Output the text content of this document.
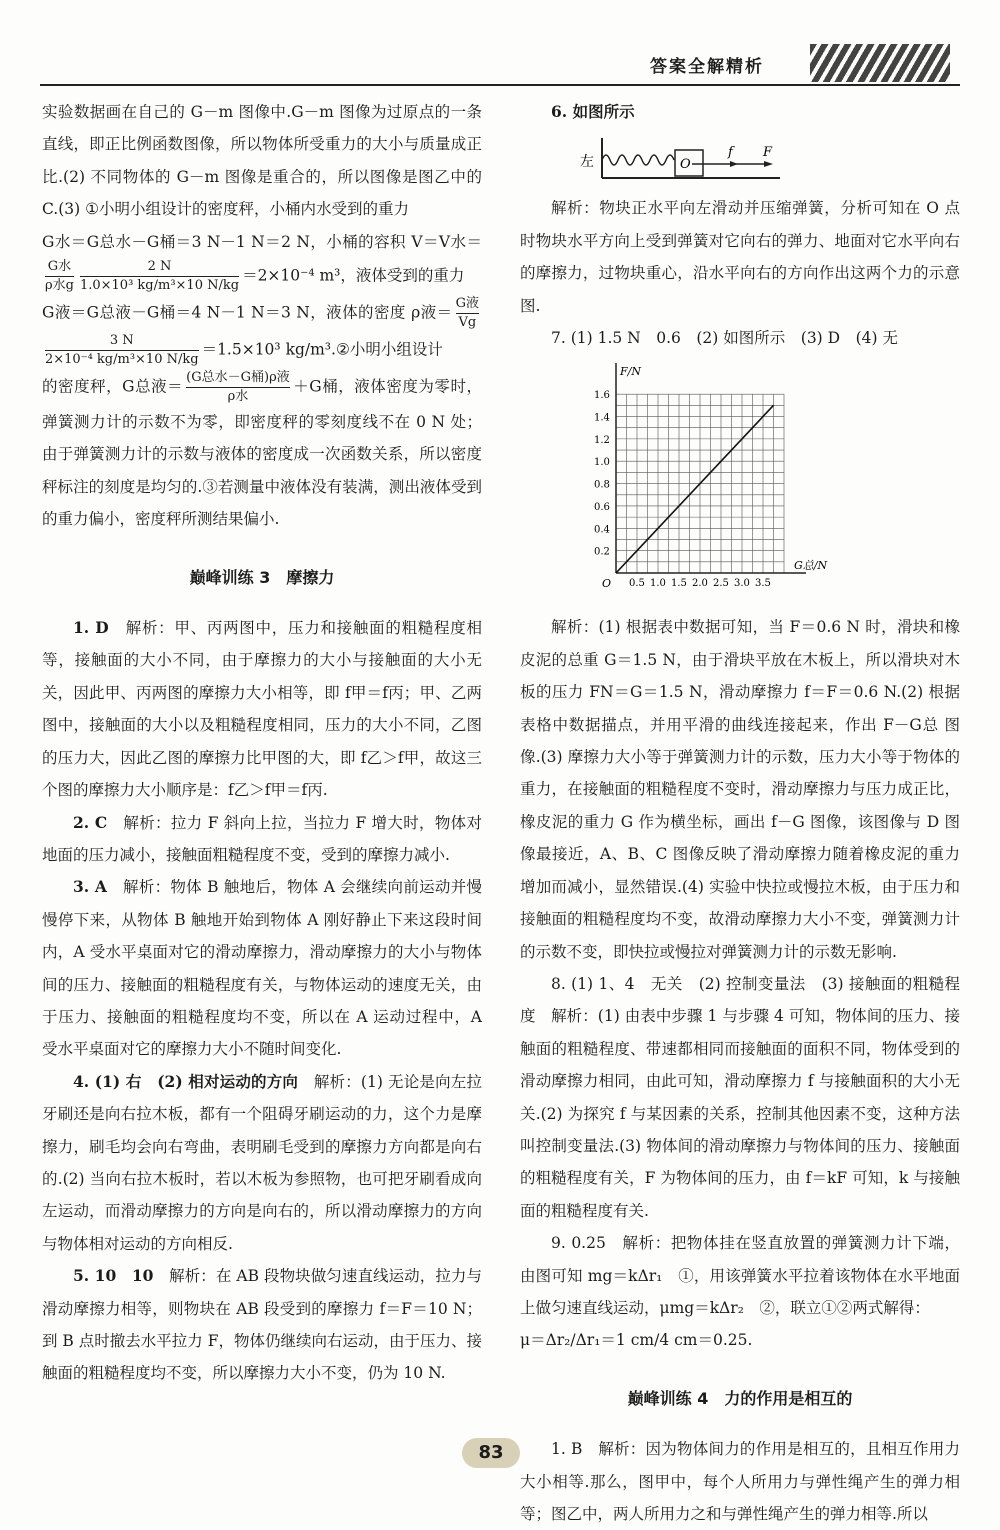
答案全解精析

实验数据画在自己的 G－m 图像中.G－m 图像为过原点的一条直线，即正比例函数图像，所以物体所受重力的大小与质量成正比.(2) 不同物体的 G－m 图像是重合的，所以图像是图乙中的 C.(3) ①小明小组设计的密度秤，小桶内水受到的重力

G水＝G总水－G桶＝3 N－1 N＝2 N，小桶的容积 V＝V水＝
$\frac{\text{G水}}{\text{ρ水g}} \frac{2 N}{\text{1.0×10³ kg/m³×10 N/kg}} =2\times 10^{-4}$ m³，液体受到的重力

G液＝G总液－G桶＝4 N－1 N＝3 N，液体的密度 ρ液＝ $\frac{\text{G液}}{Vg}$
$\frac{3 N}{\text{2×10⁻⁴ kg/m³×10 N/kg}} =1.5\times 10^3$ kg/m³.②小明小组设计

的密度秤，G总液＝ $\frac{\text{(G总水－G桶)ρ液}}{\text{ρ水}} +G$桶，液体密度为零时，弹簧测力计的示数不为零，即密度秤的零刻度线不在 0 N 处；由于弹簧测力计的示数与液体的密度成一次函数关系，所以密度秤标注的刻度是均匀的.③若测量中液体没有装满，测出液体受到的重力偏小，密度秤所测结果偏小.

巅峰训练 3　摩擦力

1. D　 解析：甲、丙两图中，压力和接触面的粗糙程度相等，接触面的大小不同，由于摩擦力的大小与接触面的大小无关，因此甲、丙两图的摩擦力大小相等，即 f甲＝f丙；甲、乙两图中，接触面的大小以及粗糙程度相同，压力的大小不同，乙图的压力大，因此乙图的摩擦力比甲图的大，即 f乙＞f甲，故这三个图的摩擦力大小顺序是：f乙＞f甲＝f丙.

2. C　 解析：拉力 F 斜向上拉，当拉力 F 增大时，物体对地面的压力减小，接触面粗糙程度不变，受到的摩擦力减小.

3. A　 解析：物体 B 触地后，物体 A 会继续向前运动并慢慢停下来，从物体 B 触地开始到物体 A 刚好静止下来这段时间内，A 受水平桌面对它的滑动摩擦力，滑动摩擦力的大小与物体间的压力、接触面的粗糙程度有关，与物体运动的速度无关，由于压力、接触面的粗糙程度均不变，所以在 A 运动过程中，A 受水平桌面对它的摩擦力大小不随时间变化.

4. (1) 右　(2) 相对运动的方向　 解析：(1) 无论是向左拉牙刷还是向右拉木板，都有一个阻碍牙刷运动的力，这个力是摩擦力，刷毛均会向右弯曲，表明刷毛受到的摩擦力方向都是向右的.(2) 当向右拉木板时，若以木板为参照物，也可把牙刷看成向左运动，而滑动摩擦力的方向是向右的，所以滑动摩擦力的方向与物体相对运动的方向相反.

5. 10　10　 解析：在 AB 段物块做匀速直线运动，拉力与滑动摩擦力相等，则物块在 AB 段受到的摩擦力 f＝F＝10 N；到 B 点时撤去水平拉力 F，物体仍继续向右运动，由于压力、接触面的粗糙程度均不变，所以摩擦力大小不变，仍为 10 N.

6. 如图所示

左	O
f F

解析：物块正水平向左滑动并压缩弹簧，分析可知在 O 点时物块水平方向上受到弹簧对它向右的弹力、地面对它水平向右的摩擦力，过物块重心，沿水平向右的方向作出这两个力的示意图.

7. (1) 1.5 N　0.6　(2) 如图所示　(3) D　(4) 无

G总/N
F/N
O 0.5 1.0 1.5 2.0 2.5 3.0 3.5
0.2
0.4
0.6
0.8
1.0
1.2
1.4
1.6

解析：(1) 根据表中数据可知，当 F＝0.6 N 时，滑块和橡皮泥的总重 G＝1.5 N，由于滑块平放在木板上，所以滑块对木板的压力 FN＝G＝1.5 N，滑动摩擦力 f＝F＝0.6 N.(2) 根据表格中数据描点，并用平滑的曲线连接起来，作出 F－G总 图像.(3) 摩擦力大小等于弹簧测力计的示数，压力大小等于物体的重力，在接触面的粗糙程度不变时，滑动摩擦力与压力成正比，橡皮泥的重力 G 作为横坐标，画出 f－G 图像，该图像与 D 图像最接近，A、B、C 图像反映了滑动摩擦力随着橡皮泥的重力增加而减小，显然错误.(4) 实验中快拉或慢拉木板，由于压力和接触面的粗糙程度均不变，故滑动摩擦力大小不变，弹簧测力计的示数不变，即快拉或慢拉对弹簧测力计的示数无影响.

8. (1) 1、4　无关　(2) 控制变量法　(3) 接触面的粗糙程度　解析：(1) 由表中步骤 1 与步骤 4 可知，物体间的压力、接触面的粗糙程度、带速都相同而接触面的面积不同，物体受到的滑动摩擦力相同，由此可知，滑动摩擦力 f 与接触面积的大小无关.(2) 为探究 f 与某因素的关系，控制其他因素不变，这种方法叫控制变量法.(3) 物体间的滑动摩擦力与物体间的压力、接触面的粗糙程度有关，F 为物体间的压力，由 f＝kF 可知，k 与接触面的粗糙程度有关.

9. 0.25　解析：把物体挂在竖直放置的弹簧测力计下端，由图可知 mg＝kΔr₁　①，用该弹簧水平拉着该物体在水平地面上做匀速直线运动，μmg＝kΔr₂　②，联立①②两式解得：

μ＝Δr₂/Δr₁＝1 cm/4 cm＝0.25.

巅峰训练 4　力的作用是相互的

1. B　解析：因为物体间力的作用是相互的，且相互作用力大小相等.那么，图甲中，每个人所用力与弹性绳产生的弹力相等；图乙中，两人所用力之和与弹性绳产生的弹力相等.所以

83
